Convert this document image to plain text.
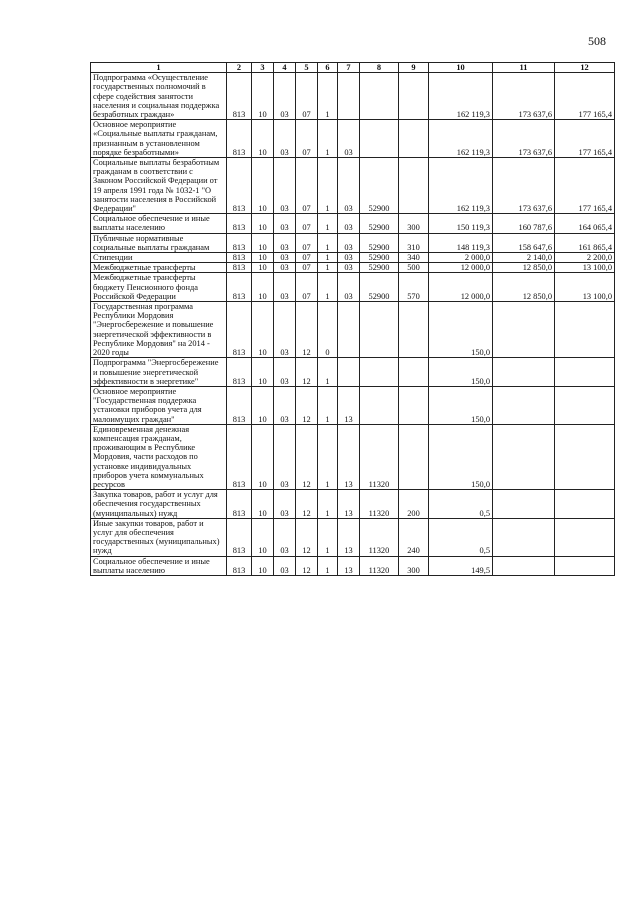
508
1	2	3	4	5	6	7	8	9	10	11	12
Подпрограмма «Осуществление государственных полномочий в сфере содействия занятости населения и социальная поддержка безработных граждан»	813	10	03	07	1				162 119,3	173 637,6	177 165,4
Основное мероприятие «Социальные выплаты гражданам, признанным в установленном порядке безработными»	813	10	03	07	1	03			162 119,3	173 637,6	177 165,4
Социальные выплаты безработным гражданам в соответствии с Законом Российской Федерации от 19 апреля 1991 года № 1032-1 "О занятости населения в Российской Федерации"	813	10	03	07	1	03	52900		162 119,3	173 637,6	177 165,4
Социальное обеспечение и иные выплаты населению	813	10	03	07	1	03	52900	300	150 119,3	160 787,6	164 065,4
Публичные нормативные социальные выплаты гражданам	813	10	03	07	1	03	52900	310	148 119,3	158 647,6	161 865,4
Стипендии	813	10	03	07	1	03	52900	340	2 000,0	2 140,0	2 200,0
Межбюджетные трансферты	813	10	03	07	1	03	52900	500	12 000,0	12 850,0	13 100,0
Межбюджетные трансферты бюджету Пенсионного фонда Российской Федерации	813	10	03	07	1	03	52900	570	12 000,0	12 850,0	13 100,0
Государственная программа Республики Мордовия "Энергосбережение и повышение энергетической эффективности в Республике Мордовия" на 2014 - 2020 годы	813	10	03	12	0				150,0		
Подпрограмма "Энергосбережение и повышение энергетической эффективности в энергетике"	813	10	03	12	1				150,0		
Основное мероприятие "Государственная поддержка установки приборов учета для малоимущих граждан"	813	10	03	12	1	13			150,0		
Единовременная денежная компенсация гражданам, проживающим в Республике Мордовия, части расходов по установке индивидуальных приборов учета коммунальных ресурсов	813	10	03	12	1	13	11320		150,0		
Закупка товаров, работ и услуг для обеспечения государственных (муниципальных) нужд	813	10	03	12	1	13	11320	200	0,5		
Иные закупки товаров, работ и услуг для обеспечения государственных (муниципальных) нужд	813	10	03	12	1	13	11320	240	0,5		
Социальное обеспечение и иные выплаты населению	813	10	03	12	1	13	11320	300	149,5		
